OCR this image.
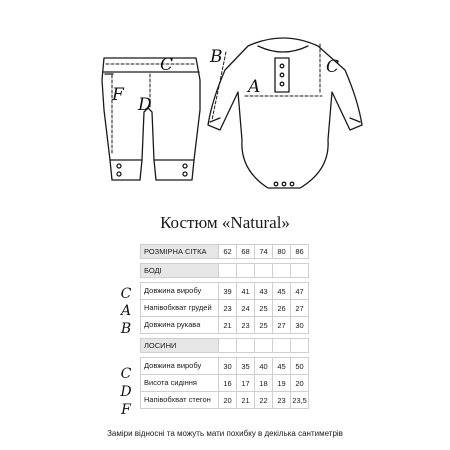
C
F D
B	C
A
Костюм «Natural»
C
A
B
C
D
F
РОЗМІРНА СІТКА	62	68	74	80	86

БОДІ					

Довжина виробу	39	41	43	45	47
Напівобхват грудей	23	24	25	26	27
Довжина рукава	21	23	25	27	30

ЛОСИНИ					

Довжина виробу	30	35	40	45	50
Висота сидіння	16	17	18	19	20
Напівобхват стегон	20	21	22	23	23,5
Заміри відносні та можуть мати похибку в декілька сантиметрів
